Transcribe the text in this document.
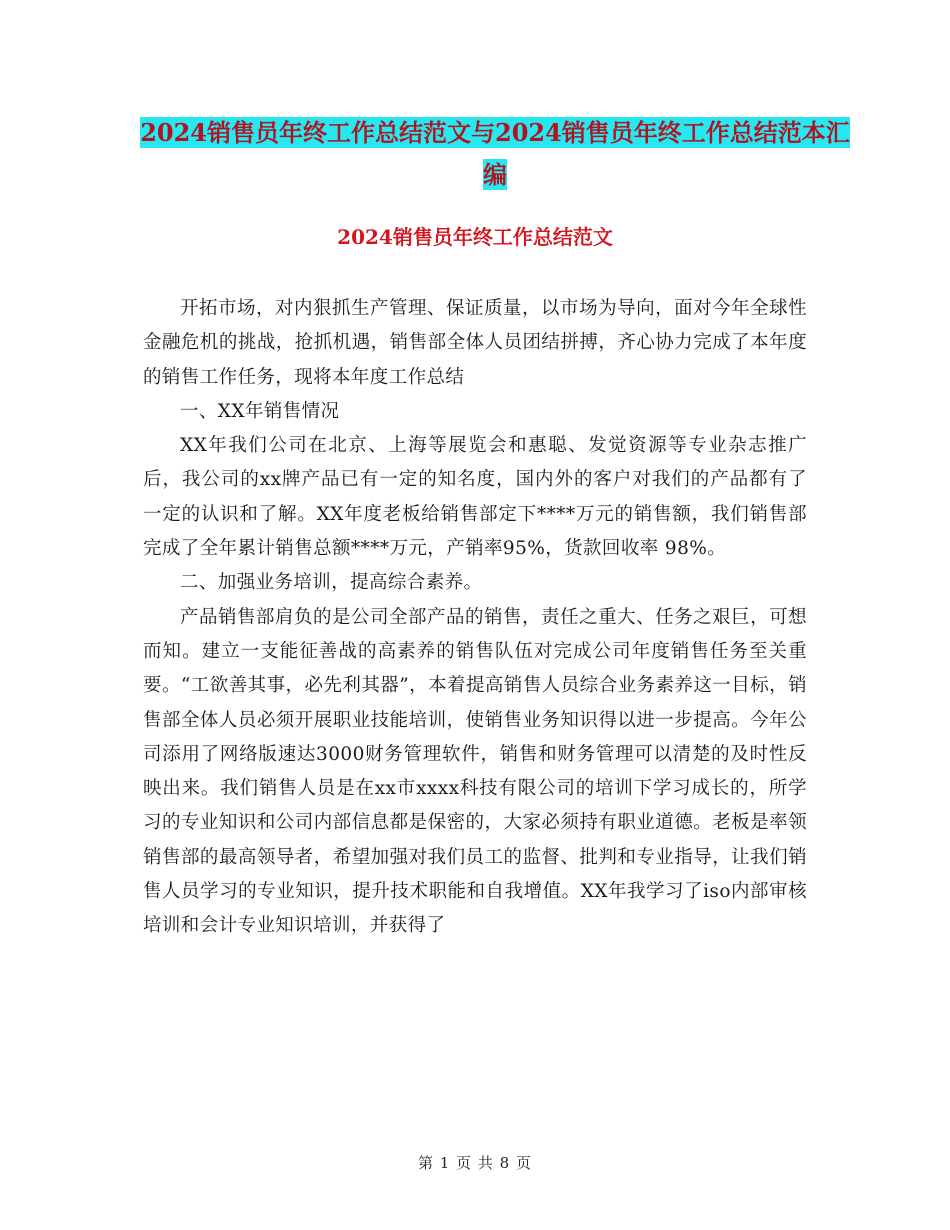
2024销售员年终工作总结范文与2024销售员年终工作总结范本汇编
2024销售员年终工作总结范文

开拓市场，对内狠抓生产管理、保证质量，以市场为导向，面对今年全球性金融危机的挑战，抢抓机遇，销售部全体人员团结拼搏，齐心协力完成了本年度的销售工作任务，现将本年度工作总结

一、XX年销售情况

XX年我们公司在北京、上海等展览会和惠聪、发觉资源等专业杂志推广后，我公司的xx牌产品已有一定的知名度，国内外的客户对我们的产品都有了一定的认识和了解。XX年度老板给销售部定下****万元的销售额，我们销售部完成了全年累计销售总额****万元，产销率95%，货款回收率 98%。

二、加强业务培训，提高综合素养。

产品销售部肩负的是公司全部产品的销售，责任之重大、任务之艰巨，可想而知。建立一支能征善战的高素养的销售队伍对完成公司年度销售任务至关重要。“工欲善其事，必先利其器”，本着提高销售人员综合业务素养这一目标，销售部全体人员必须开展职业技能培训，使销售业务知识得以进一步提高。今年公司添用了网络版速达3000财务管理软件，销售和财务管理可以清楚的及时性反映出来。我们销售人员是在xx市xxxx科技有限公司的培训下学习成长的，所学习的专业知识和公司内部信息都是保密的，大家必须持有职业道德。老板是率领销售部的最高领导者，希望加强对我们员工的监督、批判和专业指导，让我们销售人员学习的专业知识，提升技术职能和自我增值。XX年我学习了iso内部审核培训和会计专业知识培训，并获得了

第 1 页 共 8 页
